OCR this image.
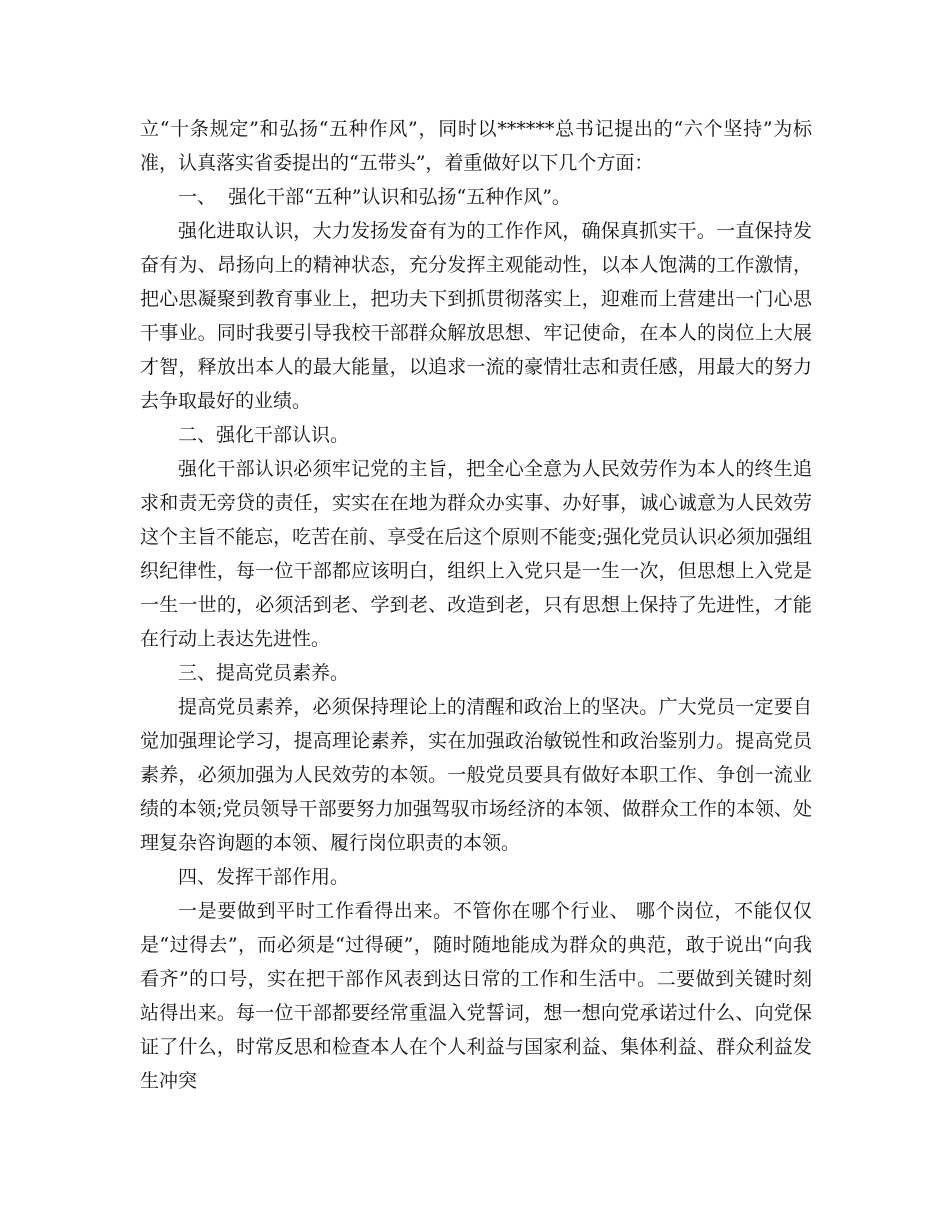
立“十条规定”和弘扬“五种作风”，同时以******总书记提出的“六个坚持”为标准，认真落实省委提出的“五带头”，着重做好以下几个方面：

一、  强化干部“五种”认识和弘扬“五种作风”。

强化进取认识，大力发扬发奋有为的工作作风，确保真抓实干。一直保持发奋有为、昂扬向上的精神状态，充分发挥主观能动性，以本人饱满的工作激情，把心思凝聚到教育事业上，把功夫下到抓贯彻落实上，迎难而上营建出一门心思干事业。同时我要引导我校干部群众解放思想、牢记使命，在本人的岗位上大展才智，释放出本人的最大能量，以追求一流的豪情壮志和责任感，用最大的努力去争取最好的业绩。

二、强化干部认识。

强化干部认识必须牢记党的主旨，把全心全意为人民效劳作为本人的终生追求和责无旁贷的责任，实实在在地为群众办实事、办好事，诚心诚意为人民效劳这个主旨不能忘，吃苦在前、享受在后这个原则不能变;强化党员认识必须加强组织纪律性，每一位干部都应该明白，组织上入党只是一生一次，但思想上入党是一生一世的，必须活到老、学到老、改造到老，只有思想上保持了先进性，才能在行动上表达先进性。

三、提高党员素养。

提高党员素养，必须保持理论上的清醒和政治上的坚决。广大党员一定要自觉加强理论学习，提高理论素养，实在加强政治敏锐性和政治鉴别力。提高党员素养，必须加强为人民效劳的本领。一般党员要具有做好本职工作、争创一流业绩的本领;党员领导干部要努力加强驾驭市场经济的本领、做群众工作的本领、处理复杂咨询题的本领、履行岗位职责的本领。

四、发挥干部作用。

一是要做到平时工作看得出来。不管你在哪个行业、 哪个岗位，不能仅仅是“过得去”，而必须是“过得硬”，随时随地能成为群众的典范，敢于说出“向我看齐”的口号，实在把干部作风表到达日常的工作和生活中。二要做到关键时刻站得出来。每一位干部都要经常重温入党誓词，想一想向党承诺过什么、向党保证了什么，时常反思和检查本人在个人利益与国家利益、集体利益、群众利益发生冲突
